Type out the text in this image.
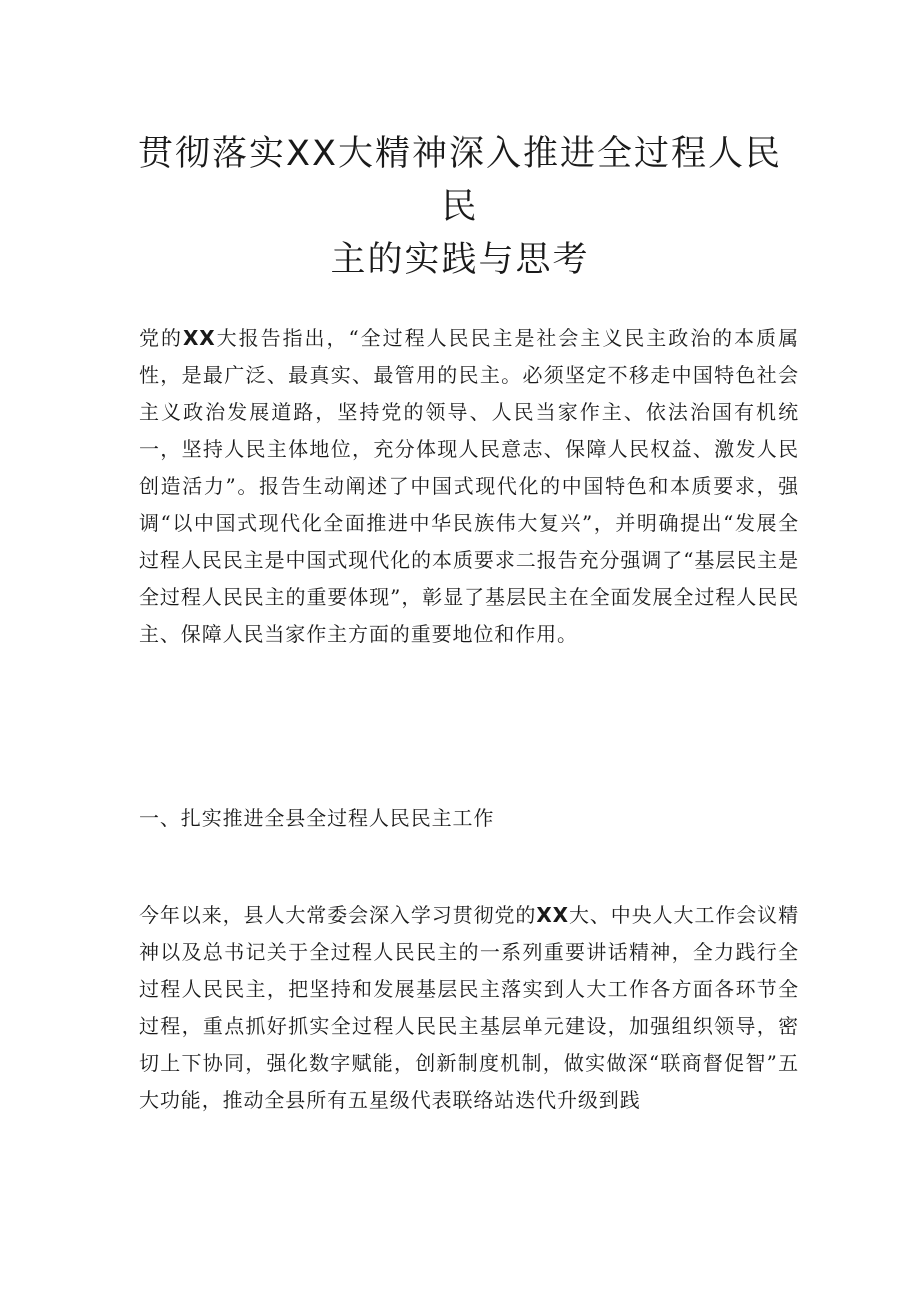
贯彻落实XX大精神深入推进全过程人民民
主的实践与思考

党的XX大报告指出，“全过程人民民主是社会主义民主政治的本质属性，是最广泛、最真实、最管用的民主。必须坚定不移走中国特色社会主义政治发展道路，坚持党的领导、人民当家作主、依法治国有机统一，坚持人民主体地位，充分体现人民意志、保障人民权益、激发人民创造活力”。报告生动阐述了中国式现代化的中国特色和本质要求，强调“以中国式现代化全面推进中华民族伟大复兴”，并明确提出“发展全过程人民民主是中国式现代化的本质要求二报告充分强调了“基层民主是全过程人民民主的重要体现”，彰显了基层民主在全面发展全过程人民民主、保障人民当家作主方面的重要地位和作用。

一、扎实推进全县全过程人民民主工作

今年以来，县人大常委会深入学习贯彻党的XX大、中央人大工作会议精神以及总书记关于全过程人民民主的一系列重要讲话精神，全力践行全过程人民民主，把坚持和发展基层民主落实到人大工作各方面各环节全过程，重点抓好抓实全过程人民民主基层单元建设，加强组织领导，密切上下协同，强化数字赋能，创新制度机制，做实做深“联商督促智”五大功能，推动全县所有五星级代表联络站迭代升级到践
